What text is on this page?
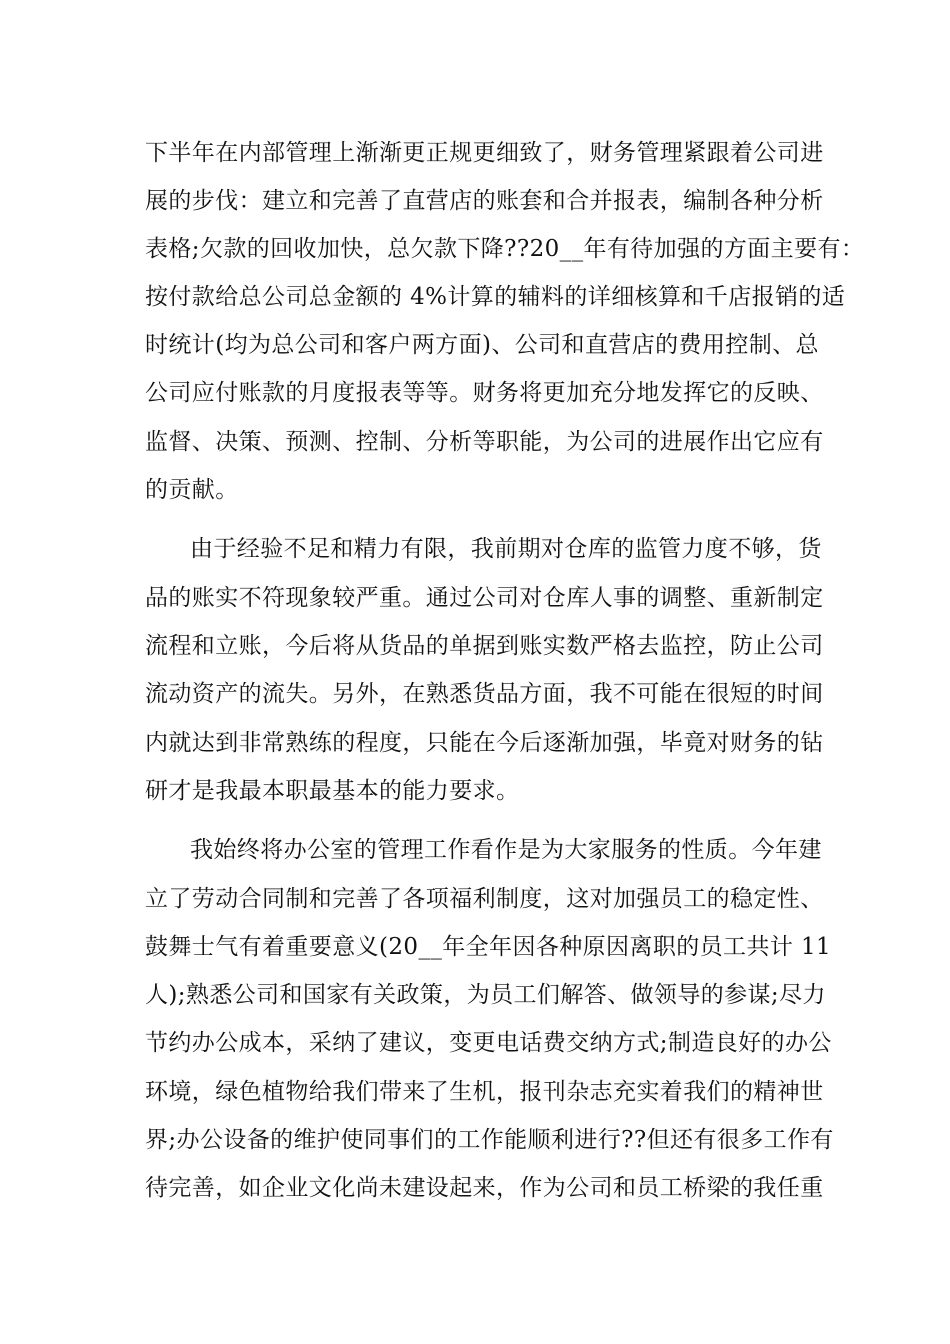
下半年在内部管理上渐渐更正规更细致了，财务管理紧跟着公司进
展的步伐：建立和完善了直营店的账套和合并报表，编制各种分析
表格;欠款的回收加快，总欠款下降??20__年有待加强的方面主要有：
按付款给总公司总金额的 4%计算的辅料的详细核算和千店报销的适
时统计(均为总公司和客户两方面)、公司和直营店的费用控制、总
公司应付账款的月度报表等等。财务将更加充分地发挥它的反映、
监督、决策、预测、控制、分析等职能，为公司的进展作出它应有
的贡献。
由于经验不足和精力有限，我前期对仓库的监管力度不够，货
品的账实不符现象较严重。通过公司对仓库人事的调整、重新制定
流程和立账，今后将从货品的单据到账实数严格去监控，防止公司
流动资产的流失。另外，在熟悉货品方面，我不可能在很短的时间
内就达到非常熟练的程度，只能在今后逐渐加强，毕竟对财务的钻
研才是我最本职最基本的能力要求。
我始终将办公室的管理工作看作是为大家服务的性质。今年建
立了劳动合同制和完善了各项福利制度，这对加强员工的稳定性、
鼓舞士气有着重要意义(20__年全年因各种原因离职的员工共计 11
人);熟悉公司和国家有关政策，为员工们解答、做领导的参谋;尽力
节约办公成本，采纳了建议，变更电话费交纳方式;制造良好的办公
环境，绿色植物给我们带来了生机，报刊杂志充实着我们的精神世
界;办公设备的维护使同事们的工作能顺利进行??但还有很多工作有
待完善，如企业文化尚未建设起来，作为公司和员工桥梁的我任重
